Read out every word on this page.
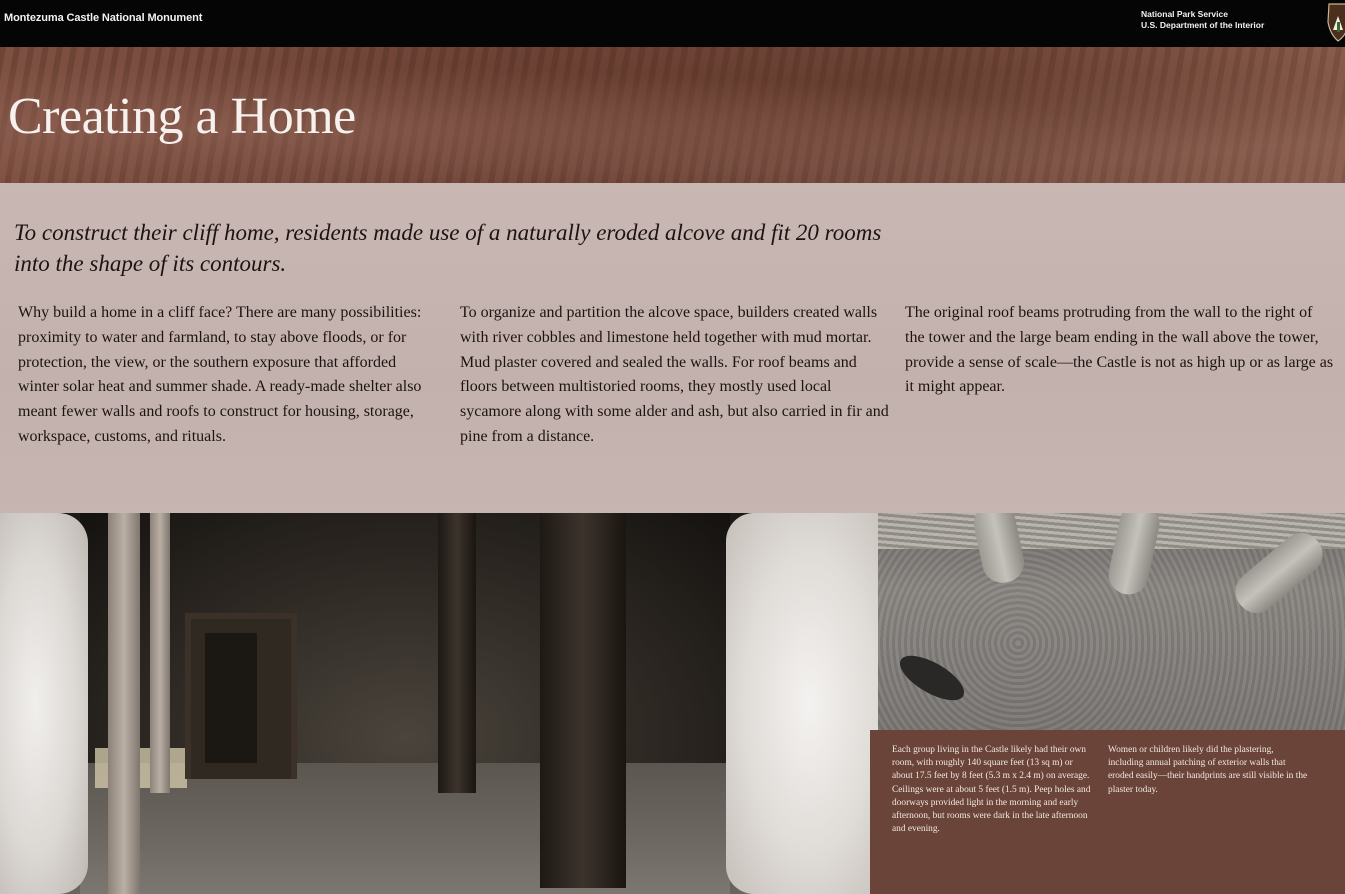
Montezuma Castle National Monument	National Park Service
U.S. Department of the Interior
Creating a Home

To construct their cliff home, residents made use of a naturally eroded alcove and fit 20 rooms into the shape of its contours.

Why build a home in a cliff face? There are many possibilities: proximity to water and farmland, to stay above floods, or for protection, the view, or the southern exposure that afforded winter solar heat and summer shade. A ready-made shelter also meant fewer walls and roofs to construct for housing, storage, workspace, customs, and rituals.

To organize and partition the alcove space, builders created walls with river cobbles and limestone held together with mud mortar. Mud plaster covered and sealed the walls. For roof beams and floors between multistoried rooms, they mostly used local sycamore along with some alder and ash, but also carried in fir and pine from a distance.

The original roof beams protruding from the wall to the right of the tower and the large beam ending in the wall above the tower, provide a sense of scale—the Castle is not as high up or as large as it might appear.

Each group living in the Castle likely had their own room, with roughly 140 square feet (13 sq m) or about 17.5 feet by 8 feet (5.3 m x 2.4 m) on average. Ceilings were at about 5 feet (1.5 m). Peep holes and doorways provided light in the morning and early afternoon, but rooms were dark in the late afternoon and evening.

Women or children likely did the plastering, including annual patching of exterior walls that eroded easily—their handprints are still visible in the plaster today.
